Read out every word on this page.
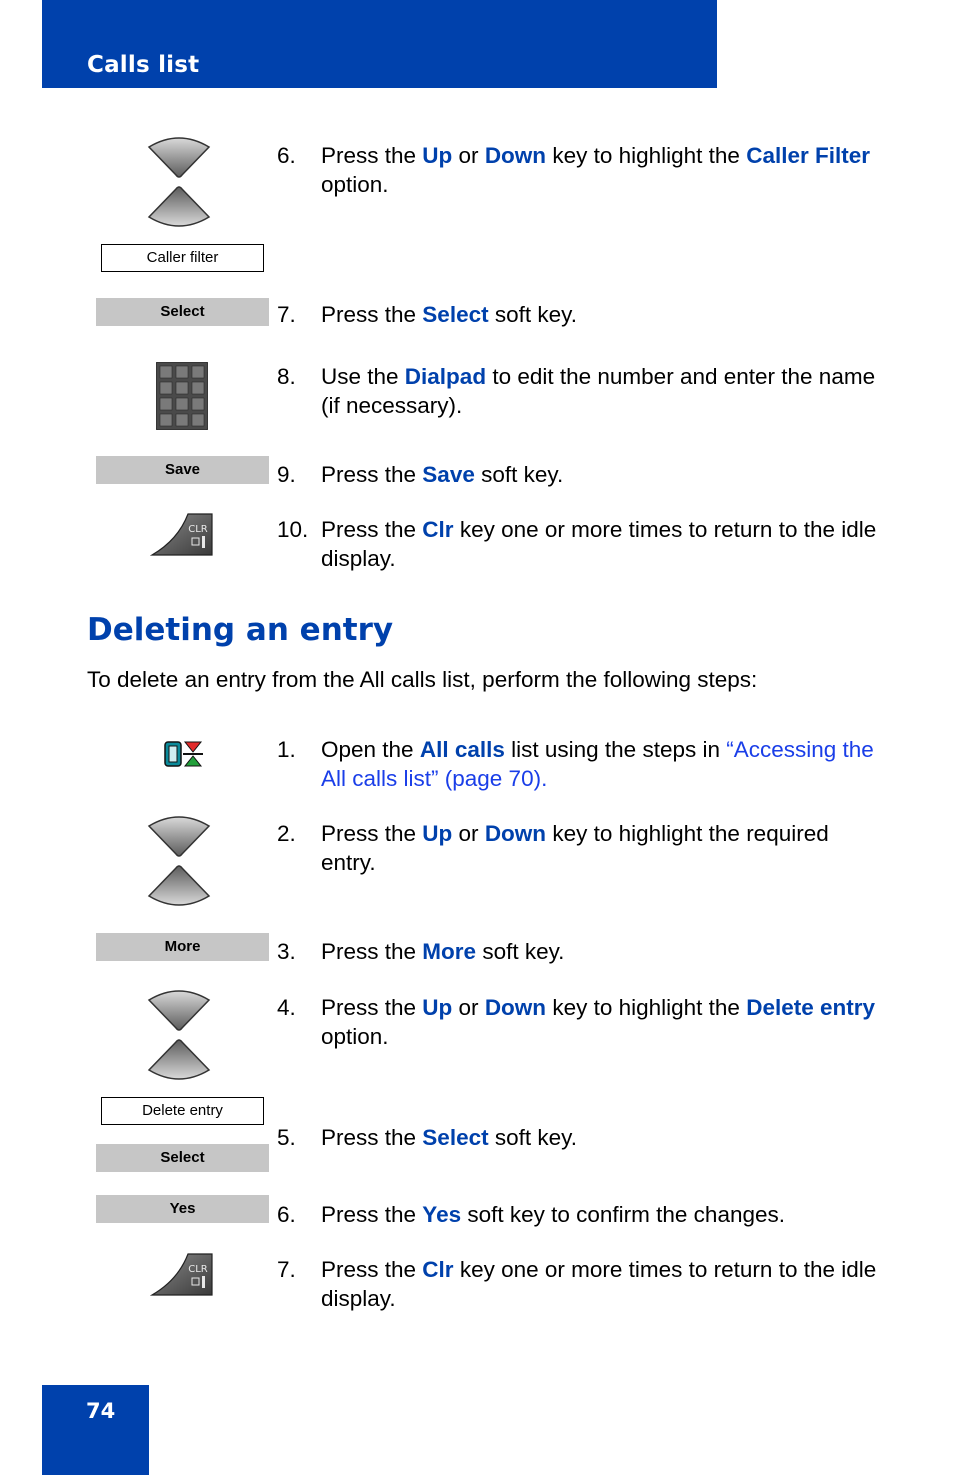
Calls list
Caller filter
Select
Save
CLR
6. Press the Up or Down key to highlight the Caller Filter option.
7. Press the Select soft key.
8. Use the Dialpad to edit the number and enter the name (if necessary).
9. Press the Save soft key.
10. Press the Clr key one or more times to return to the idle display.
Deleting an entry
To delete an entry from the All calls list, perform the following steps:
More
Delete entry
Select
Yes
CLR
1. Open the All calls list using the steps in “Accessing the All calls list” (page 70).
2. Press the Up or Down key to highlight the required entry.
3. Press the More soft key.
4. Press the Up or Down key to highlight the Delete entry option.
5. Press the Select soft key.
6. Press the Yes soft key to confirm the changes.
7. Press the Clr key one or more times to return to the idle display.
74
